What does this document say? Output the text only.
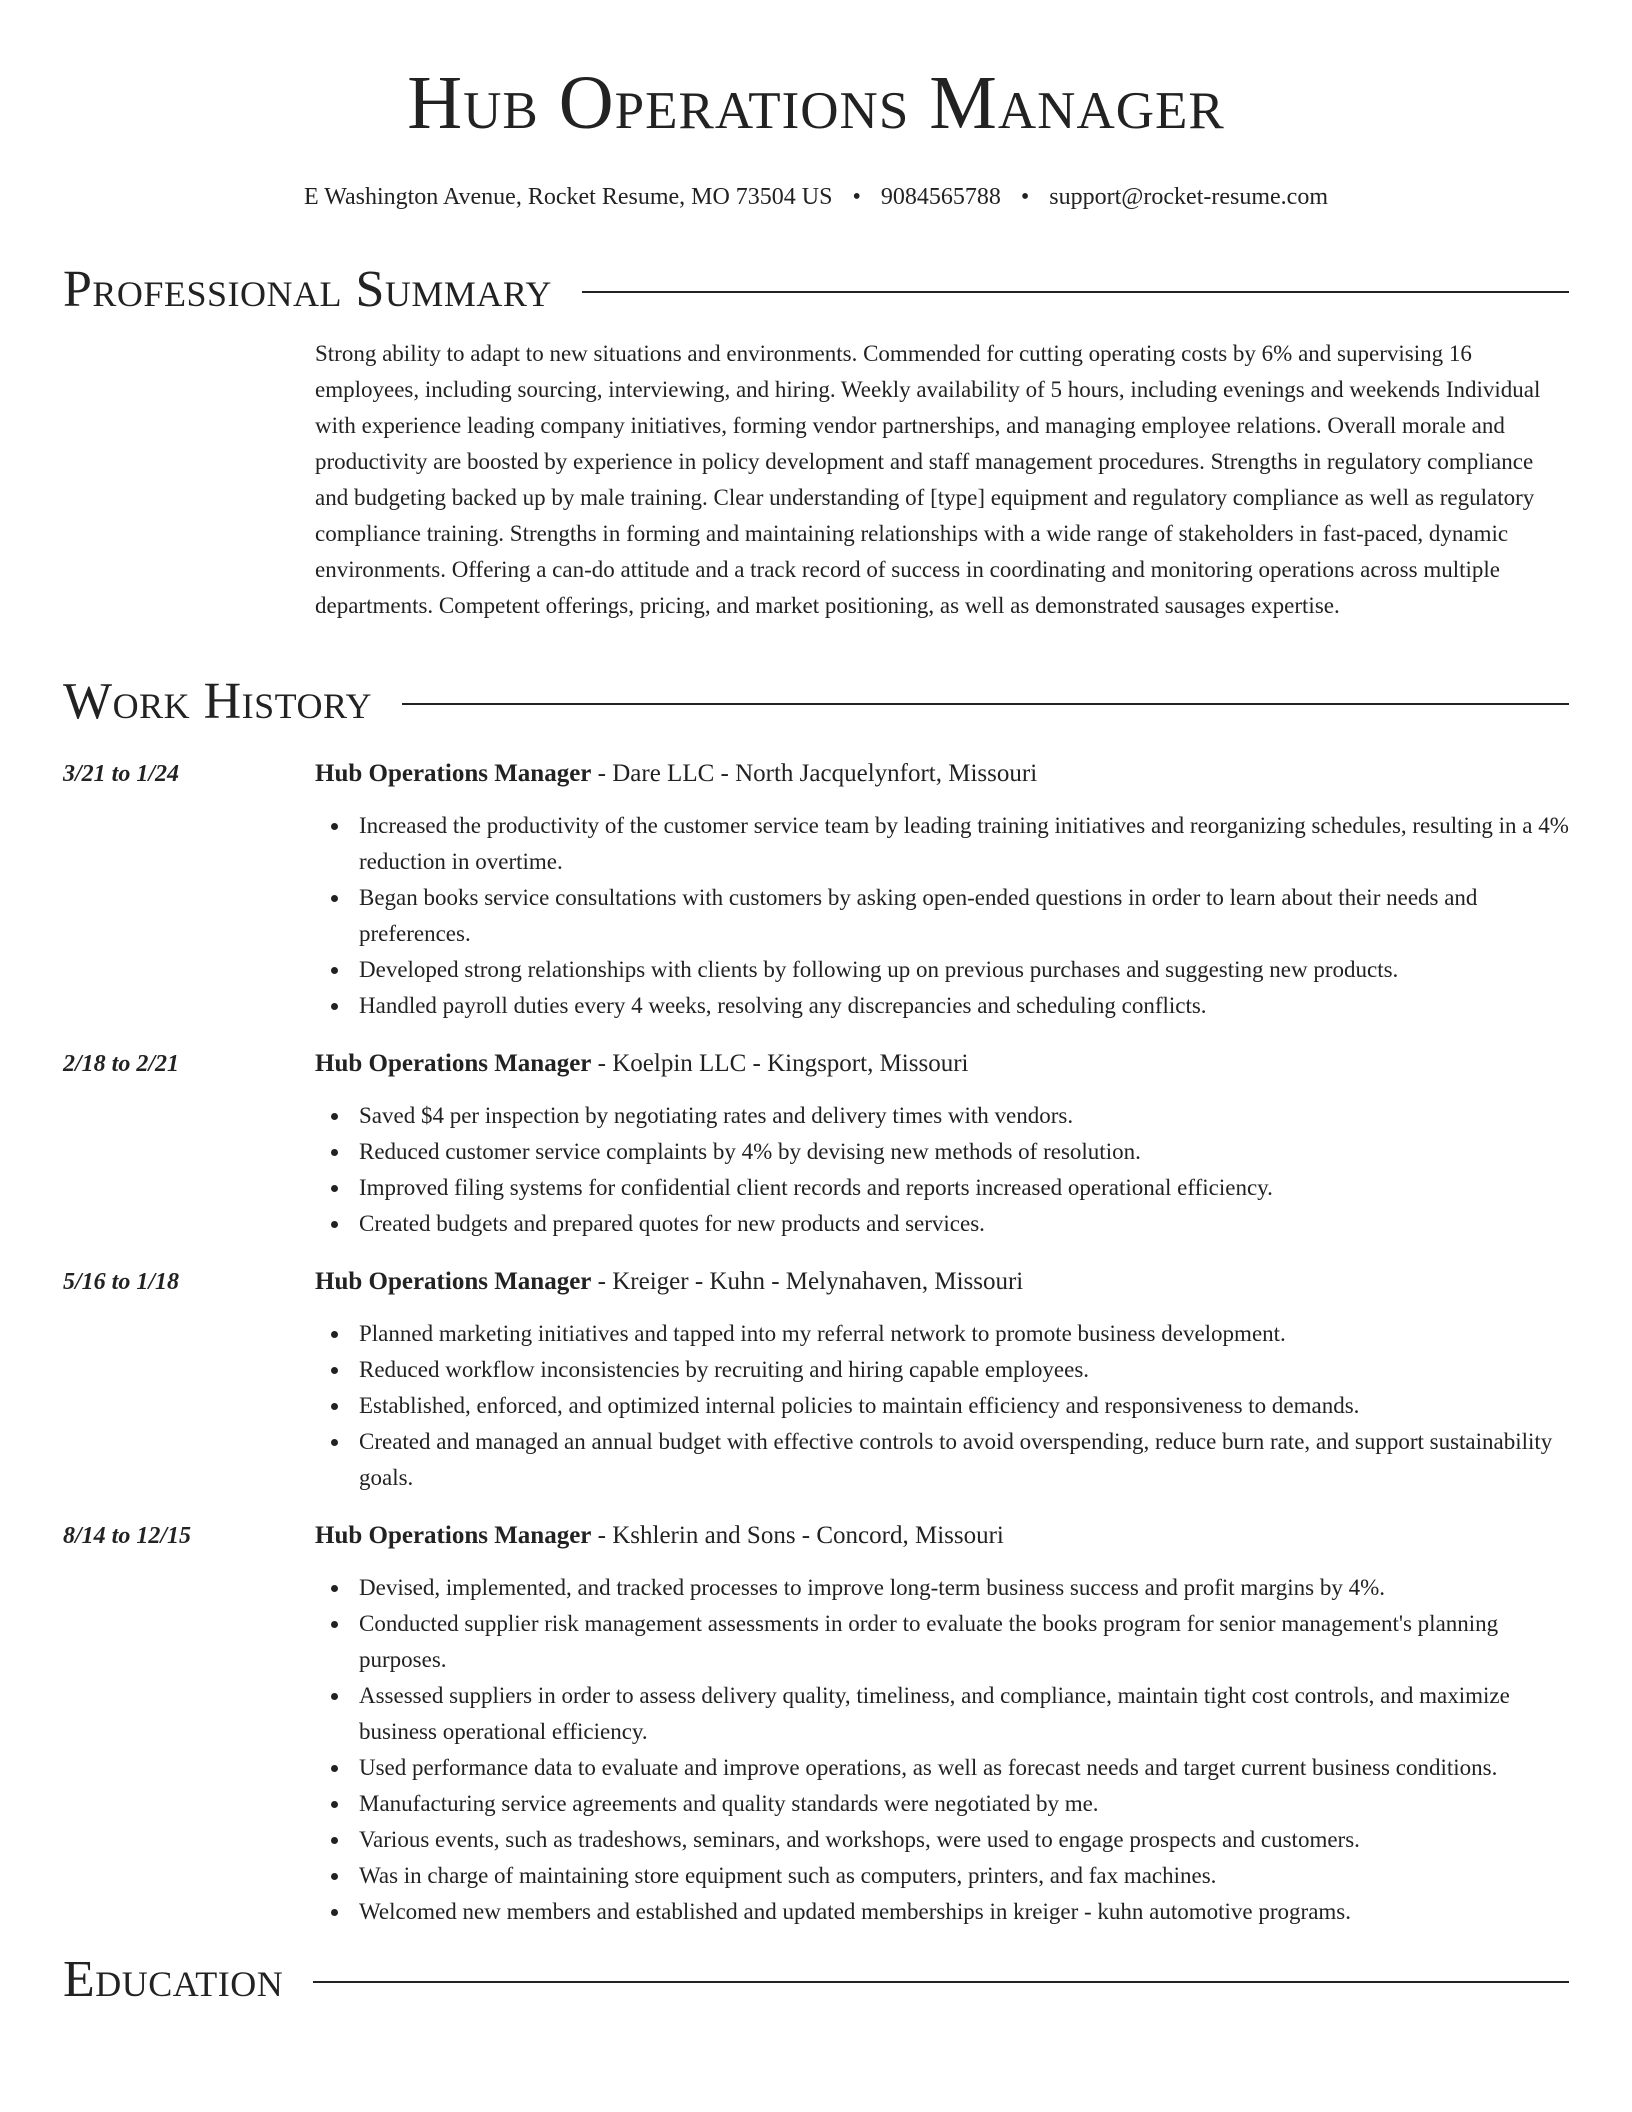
Hub Operations Manager
E Washington Avenue, Rocket Resume, MO 73504 US • 9084565788 • support@rocket-resume.com
Professional Summary

Strong ability to adapt to new situations and environments. Commended for cutting operating costs by 6% and supervising 16 employees, including sourcing, interviewing, and hiring. Weekly availability of 5 hours, including evenings and weekends Individual with experience leading company initiatives, forming vendor partnerships, and managing employee relations. Overall morale and productivity are boosted by experience in policy development and staff management procedures. Strengths in regulatory compliance and budgeting backed up by male training. Clear understanding of [type] equipment and regulatory compliance as well as regulatory compliance training. Strengths in forming and maintaining relationships with a wide range of stakeholders in fast-paced, dynamic environments. Offering a can-do attitude and a track record of success in coordinating and monitoring operations across multiple departments. Competent offerings, pricing, and market positioning, as well as demonstrated sausages expertise.

Work History
3/21 to 1/24	Hub Operations Manager - Dare LLC - North Jacquelynfort, Missouri
Increased the productivity of the customer service team by leading training initiatives and reorganizing schedules, resulting in a 4% reduction in overtime.
Began books service consultations with customers by asking open-ended questions in order to learn about their needs and preferences.
Developed strong relationships with clients by following up on previous purchases and suggesting new products.
Handled payroll duties every 4 weeks, resolving any discrepancies and scheduling conflicts.
2/18 to 2/21	Hub Operations Manager - Koelpin LLC - Kingsport, Missouri
Saved $4 per inspection by negotiating rates and delivery times with vendors.
Reduced customer service complaints by 4% by devising new methods of resolution.
Improved filing systems for confidential client records and reports increased operational efficiency.
Created budgets and prepared quotes for new products and services.
5/16 to 1/18	Hub Operations Manager - Kreiger - Kuhn - Melynahaven, Missouri
Planned marketing initiatives and tapped into my referral network to promote business development.
Reduced workflow inconsistencies by recruiting and hiring capable employees.
Established, enforced, and optimized internal policies to maintain efficiency and responsiveness to demands.
Created and managed an annual budget with effective controls to avoid overspending, reduce burn rate, and support sustainability goals.
8/14 to 12/15	Hub Operations Manager - Kshlerin and Sons - Concord, Missouri
Devised, implemented, and tracked processes to improve long-term business success and profit margins by 4%.
Conducted supplier risk management assessments in order to evaluate the books program for senior management's planning purposes.
Assessed suppliers in order to assess delivery quality, timeliness, and compliance, maintain tight cost controls, and maximize business operational efficiency.
Used performance data to evaluate and improve operations, as well as forecast needs and target current business conditions.
Manufacturing service agreements and quality standards were negotiated by me.
Various events, such as tradeshows, seminars, and workshops, were used to engage prospects and customers.
Was in charge of maintaining store equipment such as computers, printers, and fax machines.
Welcomed new members and established and updated memberships in kreiger - kuhn automotive programs.
Education
